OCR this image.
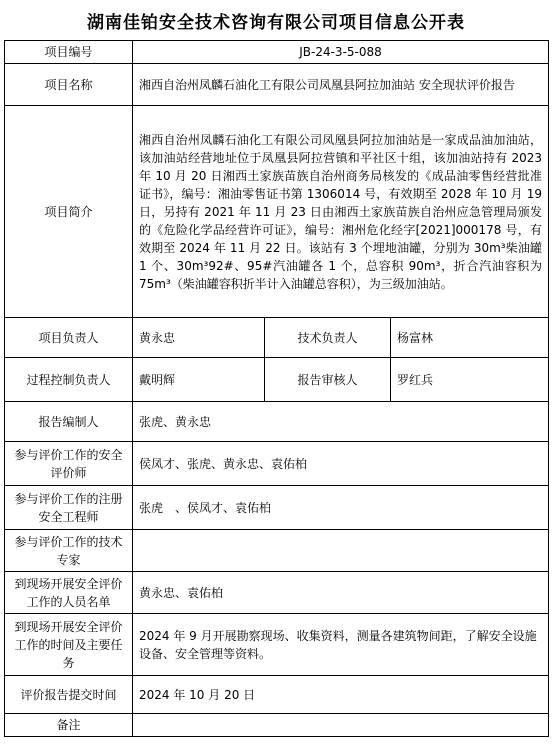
湖南佳铂安全技术咨询有限公司项目信息公开表
项目编号	JB-24-3-5-088		
项目名称	湘西自治州凤麟石油化工有限公司凤凰县阿拉加油站 安全现状评价报告		
项目简介	湘西自治州凤麟石油化工有限公司凤凰县阿拉加油站是一家成品油加油站，该加油站经营地址位于凤凰县阿拉营镇和平社区十组，该加油站持有 2023 年 10 月 20 日湘西土家族苗族自治州商务局核发的《成品油零售经营批准证书》，编号：湘油零售证书第 1306014 号，有效期至 2028 年 10 月 19 日，另持有 2021 年 11 月 23 日由湘西土家族苗族自治州应急管理局颁发的《危险化学品经营许可证》，编号：湘州危化经字[2021]000178 号，有效期至 2024 年 11 月 22 日。该站有 3 个埋地油罐，分别为 30m³柴油罐 1 个、30m³92#、95#汽油罐各 1 个，总容积 90m³，折合汽油容积为 75m³（柴油罐容积折半计入油罐总容积），为三级加油站。		
项目负责人	黄永忠	技术负责人	杨富林
过程控制负责人	戴明辉	报告审核人	罗红兵
报告编制人	张虎、黄永忠		
参与评价工作的安全评价师	侯凤才、张虎、黄永忠、袁佑柏		
参与评价工作的注册安全工程师	张虎　、侯凤才、袁佑柏		
参与评价工作的技术专家			
到现场开展安全评价工作的人员名单	黄永忠、袁佑柏		
到现场开展安全评价工作的时间及主要任务	2024 年 9 月开展勘察现场、收集资料，测量各建筑物间距，了解安全设施设备、安全管理等资料。		
评价报告提交时间	2024 年 10 月 20 日		
备注			
